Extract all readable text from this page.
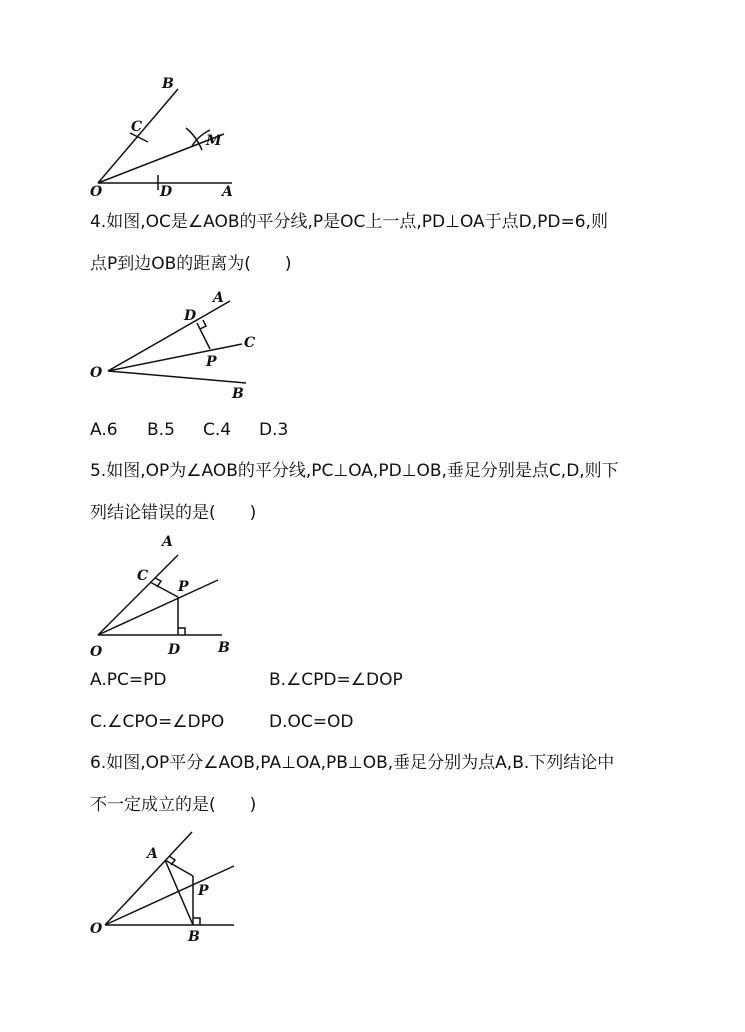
B
C
M
O	D	A
4.如图,OC是∠AOB的平分线,P是OC上一点,PD⊥OA于点D,PD=6,则
点P到边OB的距离为(　　)
A
D
C
P
O
B
A.6 B.5 C.4 D.3
5.如图,OP为∠AOB的平分线,PC⊥OA,PD⊥OB,垂足分别是点C,D,则下
列结论错误的是(　　)
A
C
P
O	D	B
A.PC=PD	B.∠CPD=∠DOP
C.∠CPO=∠DPO	D.OC=OD
6.如图,OP平分∠AOB,PA⊥OA,PB⊥OB,垂足分别为点A,B.下列结论中
不一定成立的是(　　)
A
P
O	B
